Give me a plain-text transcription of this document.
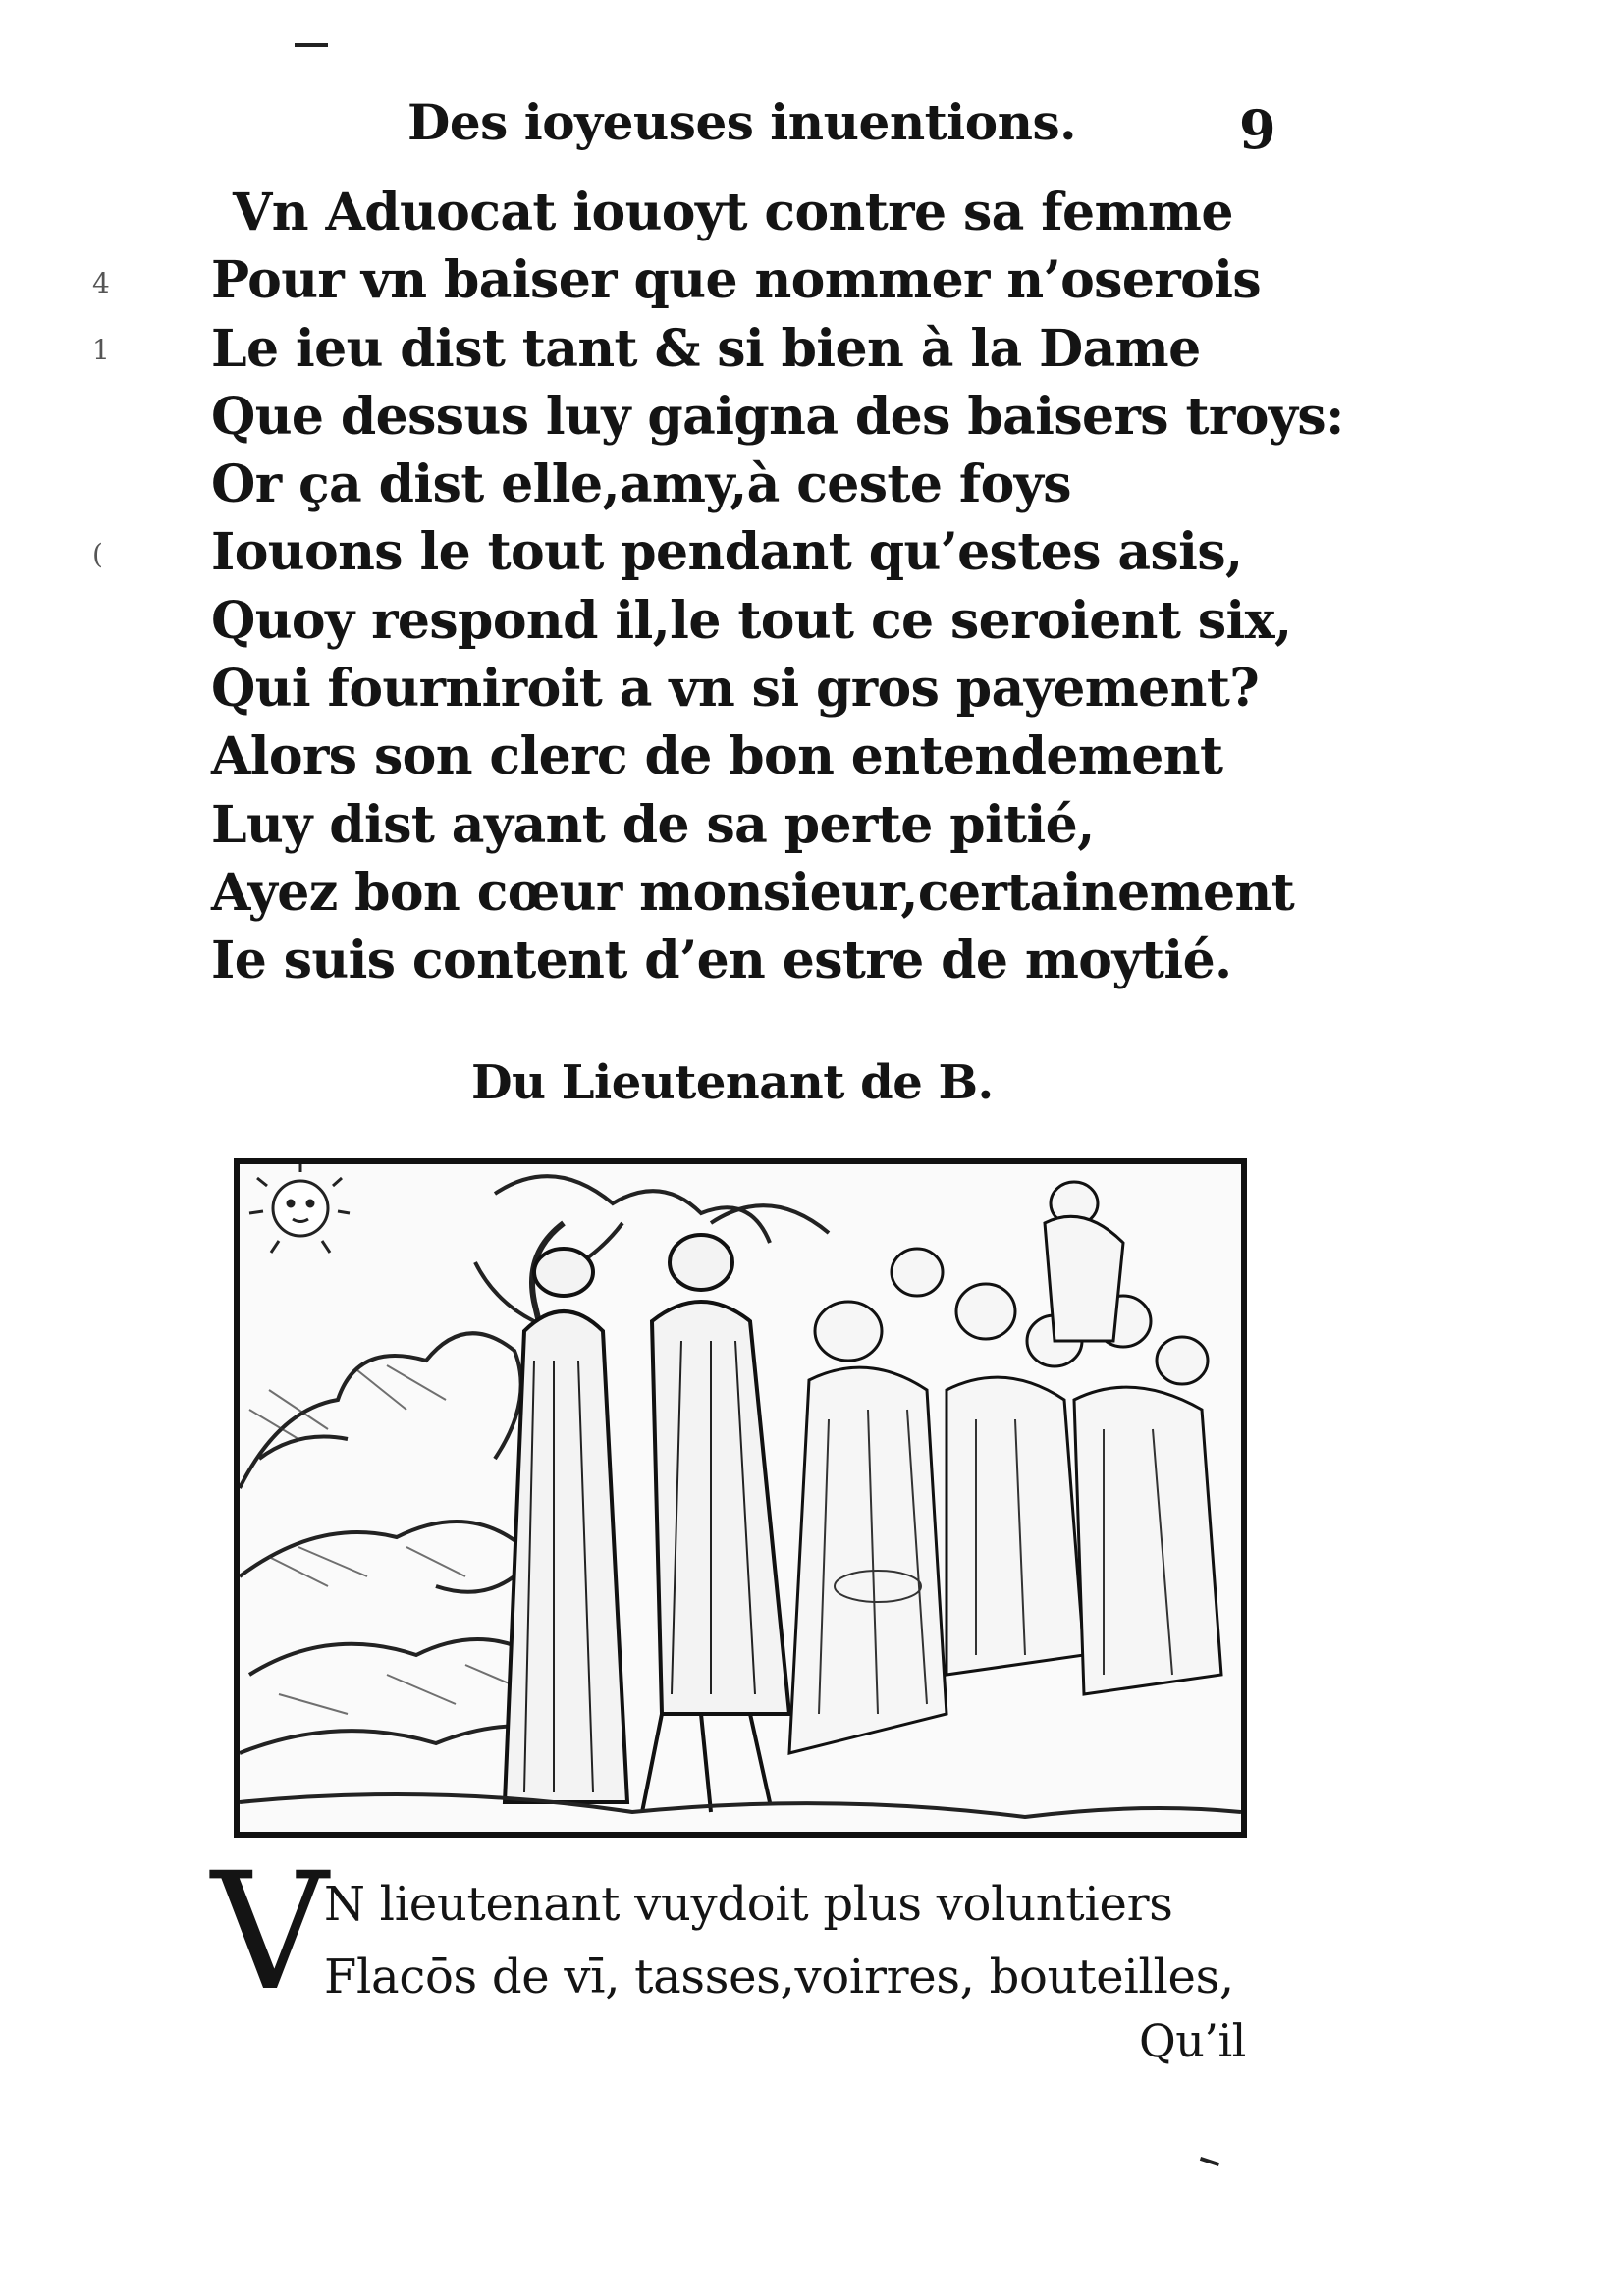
Des ioyeuses inuentions.	9
4
1
(
Vn Aduocat iouoyt contre sa femme
Pour vn baiser que nommer n’oserois
Le ieu dist tant & si bien à la Dame
Que dessus luy gaigna des baisers troys:
Or ça dist elle,amy,à ceste foys
Iouons le tout pendant qu’estes asis,
Quoy respond il,le tout ce seroient six,
Qui fourniroit a vn si gros payement?
Alors son clerc de bon entendement
Luy dist ayant de sa perte pitié,
Ayez bon cœur monsieur,certainement
Ie suis content d’en estre de moytié.
Du Lieutenant de B.
V
N lieutenant vuydoit plus voluntiers
Flacōs de vī, tasses,voirres, bouteilles,
Qu’il
